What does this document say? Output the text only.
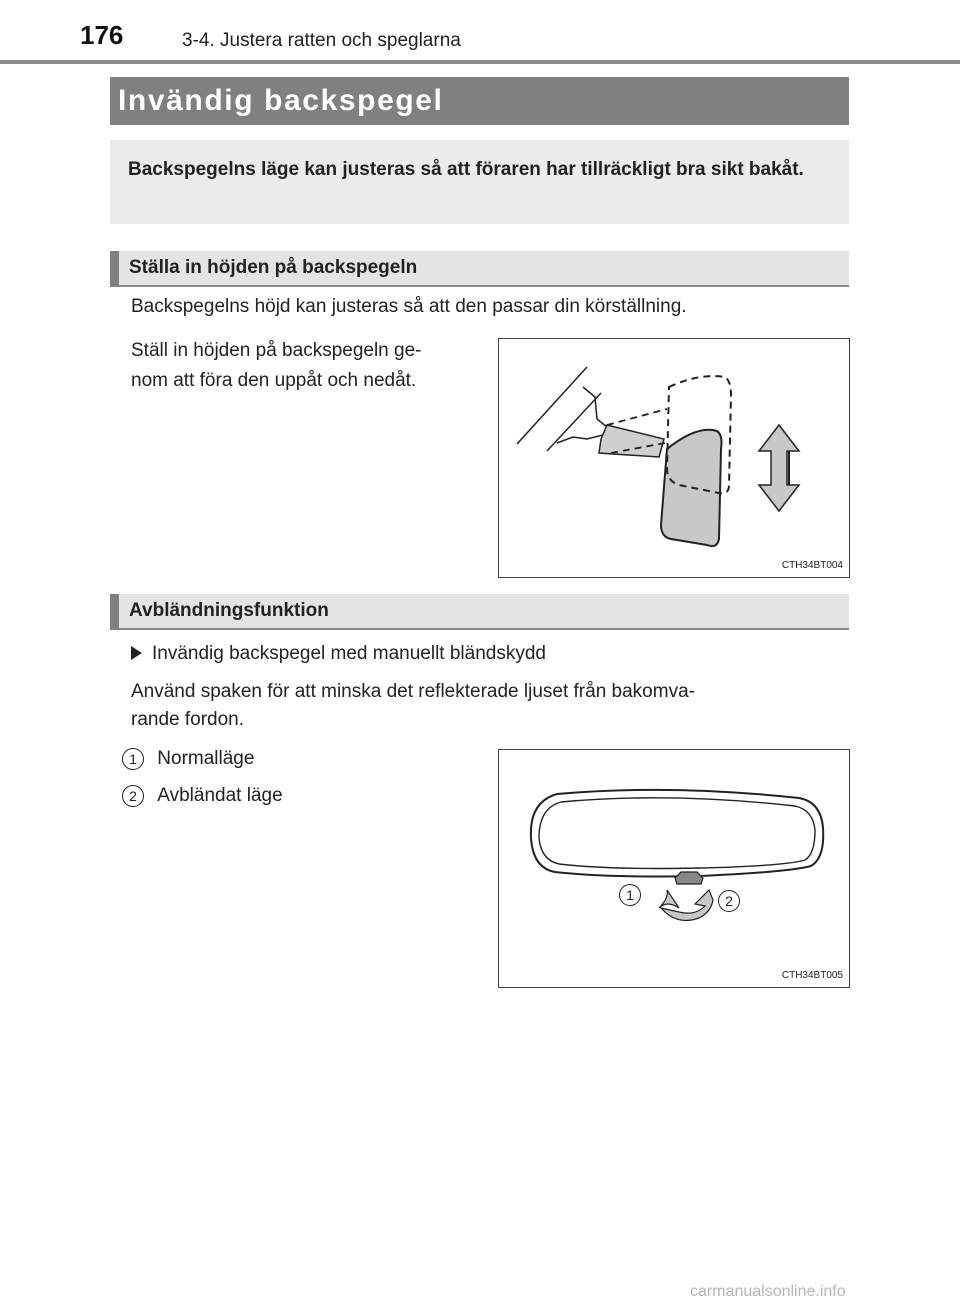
176	3-4. Justera ratten och speglarna
Invändig backspegel
Backspegelns läge kan justeras så att föraren har tillräckligt bra sikt bakåt.
Ställa in höjden på backspegeln
Backspegelns höjd kan justeras så att den passar din körställning.
Ställ in höjden på backspegeln ge-
nom att föra den uppåt och nedåt.
CTH34BT004
Avbländningsfunktion
Invändig backspegel med manuellt bländskydd
Använd spaken för att minska det reflekterade ljuset från bakomva-
rande fordon.
1 Normalläge
2 Avbländat läge
1	2
CTH34BT005
carmanualsonline.info
